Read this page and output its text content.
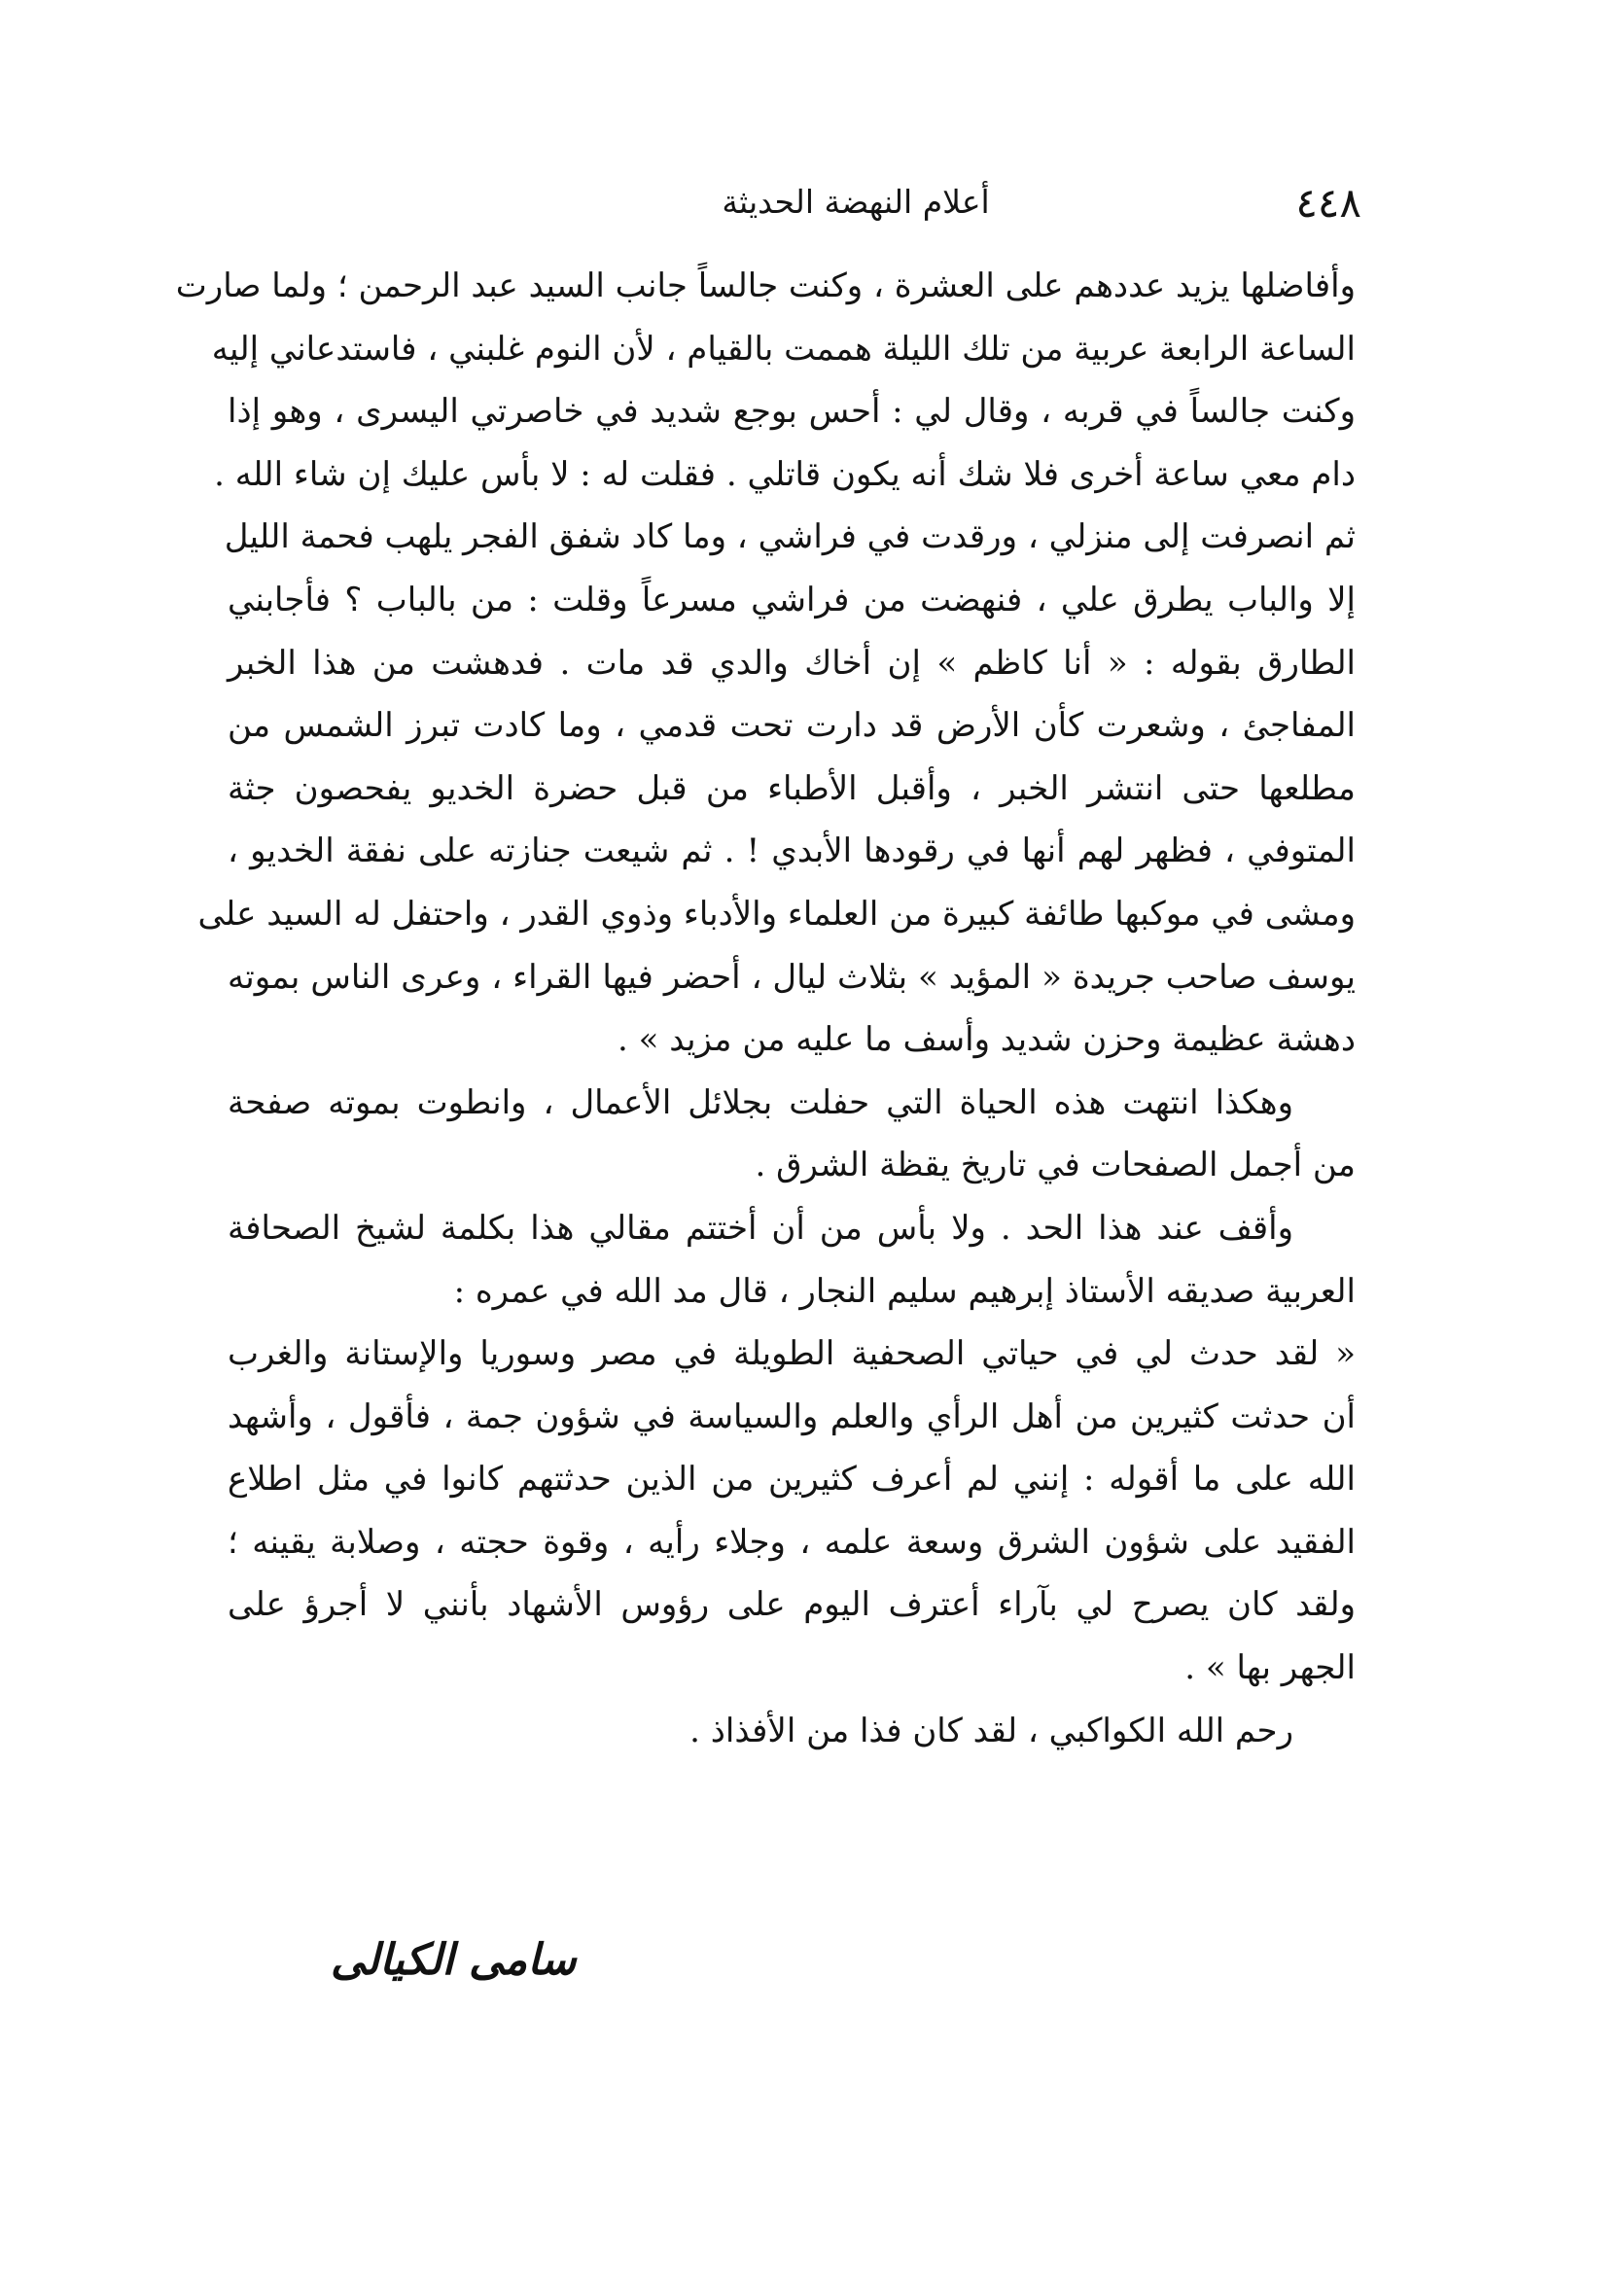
٤٤٨
أعلام النهضة الحديثة
وأفاضلها يزيد عددهم على العشرة ، وكنت جالساً جانب السيد عبد الرحمن ؛ ولما صارت
الساعة الرابعة عربية من تلك الليلة هممت بالقيام ، لأن النوم غلبني ، فاستدعاني إليه
وكنت جالساً في قربه ، وقال لي : أحس بوجع شديد في خاصرتي اليسرى ، وهو إذا
دام معي ساعة أخرى فلا شك أنه يكون قاتلي . فقلت له : لا بأس عليك إن شاء الله .
ثم انصرفت إلى منزلي ، ورقدت في فراشي ، وما كاد شفق الفجر يلهب فحمة الليل
إلا والباب يطرق علي ، فنهضت من فراشي مسرعاً وقلت : من بالباب ؟ فأجابني
الطارق بقوله : « أنا كاظم » إن أخاك والدي قد مات . فدهشت من هذا الخبر
المفاجئ ، وشعرت كأن الأرض قد دارت تحت قدمي ، وما كادت تبرز الشمس من
مطلعها حتى انتشر الخبر ، وأقبل الأطباء من قبل حضرة الخديو يفحصون جثة
المتوفي ، فظهر لهم أنها في رقودها الأبدي ! . ثم شيعت جنازته على نفقة الخديو ،
ومشى في موكبها طائفة كبيرة من العلماء والأدباء وذوي القدر ، واحتفل له السيد على
يوسف صاحب جريدة « المؤيد » بثلاث ليال ، أحضر فيها القراء ، وعرى الناس بموته
دهشة عظيمة وحزن شديد وأسف ما عليه من مزيد » .
وهكذا انتهت هذه الحياة التي حفلت بجلائل الأعمال ، وانطوت بموته صفحة
من أجمل الصفحات في تاريخ يقظة الشرق .
وأقف عند هذا الحد . ولا بأس من أن أختتم مقالي هذا بكلمة لشيخ الصحافة
العربية صديقه الأستاذ إبرهيم سليم النجار ، قال مد الله في عمره :
« لقد حدث لي في حياتي الصحفية الطويلة في مصر وسوريا والإستانة والغرب
أن حدثت كثيرين من أهل الرأي والعلم والسياسة في شؤون جمة ، فأقول ، وأشهد
الله على ما أقوله : إنني لم أعرف كثيرين من الذين حدثتهم كانوا في مثل اطلاع
الفقيد على شؤون الشرق وسعة علمه ، وجلاء رأيه ، وقوة حجته ، وصلابة يقينه ؛
ولقد كان يصرح لي بآراء أعترف اليوم على رؤوس الأشهاد بأنني لا أجرؤ على
الجهر بها » .
رحم الله الكواكبي ، لقد كان فذا من الأفذاذ .
سامى الكيالى
